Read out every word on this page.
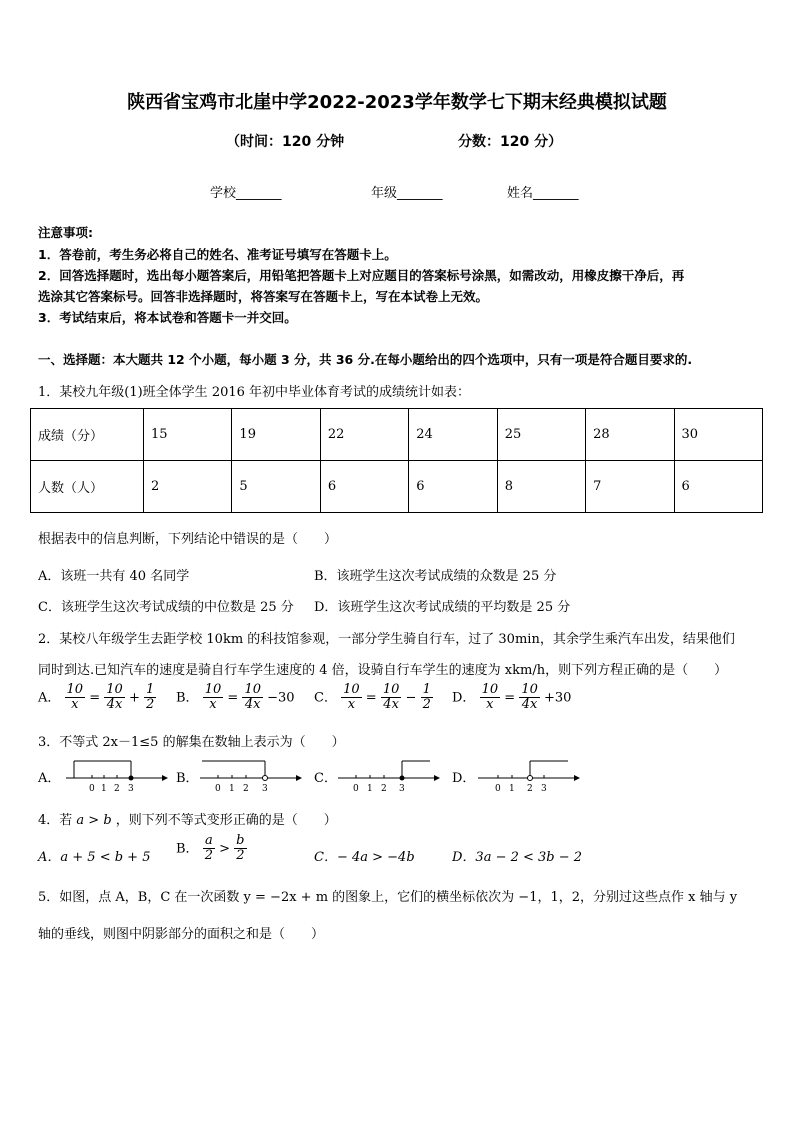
陕西省宝鸡市北崖中学2022-2023学年数学七下期末经典模拟试题
（时间：120 分钟	分数：120 分）
学校_______	年级_______	姓名_______
注意事项:
1．答卷前，考生务必将自己的姓名、准考证号填写在答题卡上。
2．回答选择题时，选出每小题答案后，用铅笔把答题卡上对应题目的答案标号涂黑，如需改动，用橡皮擦干净后，再
选涂其它答案标号。回答非选择题时，将答案写在答题卡上，写在本试卷上无效。
3．考试结束后，将本试卷和答题卡一并交回。
一、选择题：本大题共 12 个小题，每小题 3 分，共 36 分.在每小题给出的四个选项中，只有一项是符合题目要求的.
1．某校九年级(1)班全体学生 2016 年初中毕业体育考试的成绩统计如表：
成绩（分）	15	19	22	24	25	28	30
人数（人）	2	5	6	6	8	7	6
根据表中的信息判断，下列结论中错误的是（　　）
A．该班一共有 40 名同学	B．该班学生这次考试成绩的众数是 25 分
C．该班学生这次考试成绩的中位数是 25 分 D．该班学生这次考试成绩的平均数是 25 分
2．某校八年级学生去距学校 10km 的科技馆参观，一部分学生骑自行车，过了 30min，其余学生乘汽车出发，结果他们
同时到达.已知汽车的速度是骑自行车学生速度的 4 倍，设骑自行车学生的速度为 xkm/h，则下列方程正确的是（　　）
A． $\frac{10}{x} = \frac{10}{4x} + \frac{1}{2}$ B． $\frac{10}{x} = \frac{10}{4x} -30$ C． $\frac{10}{x} = \frac{10}{4x} - \frac{1}{2}$ D． $\frac{10}{x} = \frac{10}{4x} +30$
3．不等式 2x－1≤5 的解集在数轴上表示为（　　）
A．
0 1 2 3
B．
0 1 2 3
C．
0 1 2 3
D．
0 1 2 3
4．若 a > b ，则下列不等式变形正确的是（　　）
A．a + 5 < b + 5
B． $\frac{a}{2} > \frac{b}{2}$	C．− 4a > −4b	D．3a − 2 < 3b − 2
5．如图，点 A，B，C 在一次函数 y = −2x + m 的图象上，它们的横坐标依次为 −1，1，2，分别过这些点作 x 轴与 y
轴的垂线，则图中阴影部分的面积之和是（　　）
